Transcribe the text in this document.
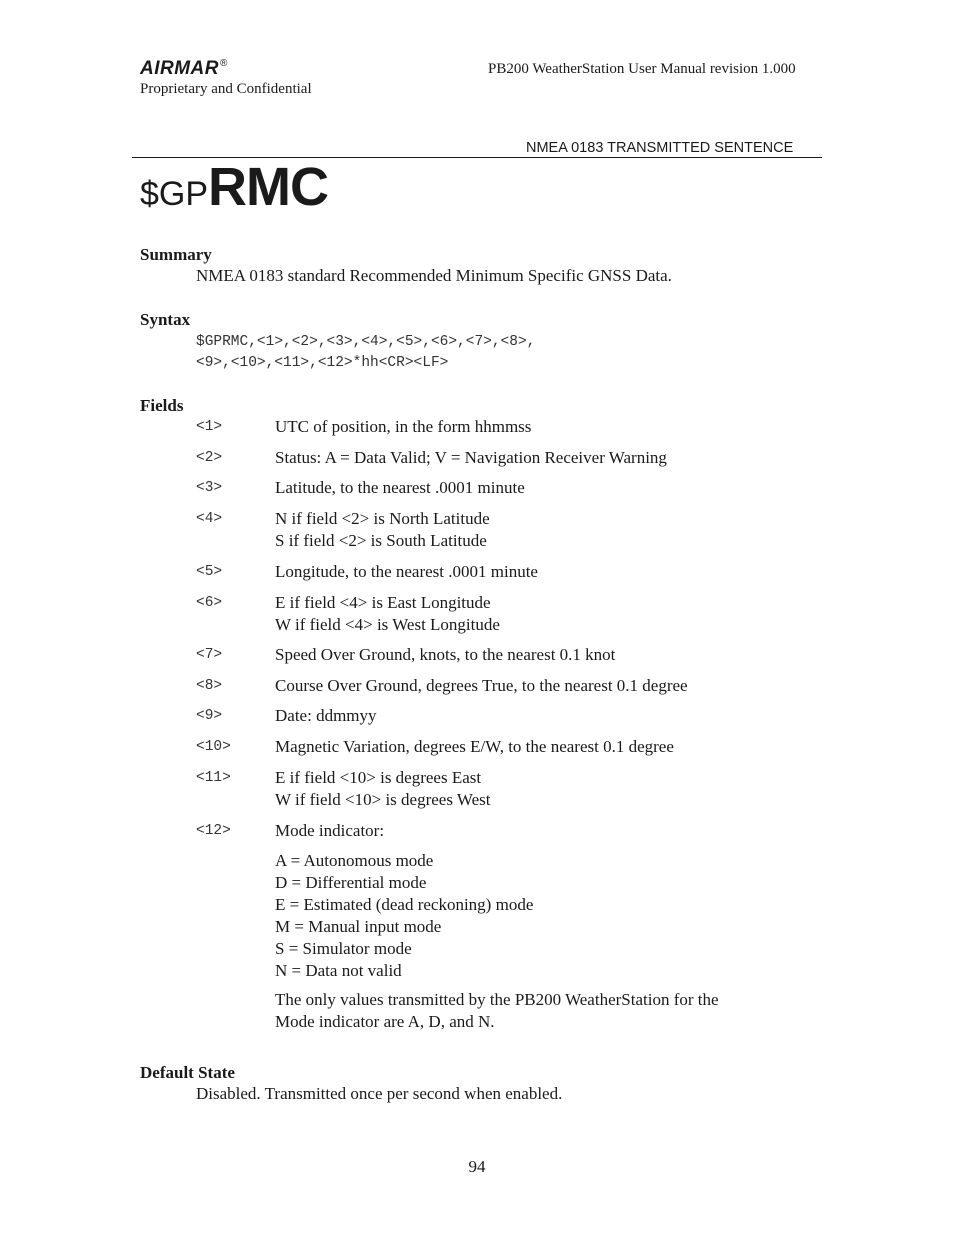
AIRMAR®
Proprietary and Confidential
PB200 WeatherStation User Manual revision 1.000
NMEA 0183 TRANSMITTED SENTENCE
$GPRMC
Summary
NMEA 0183 standard Recommended Minimum Specific GNSS Data.
Syntax
$GPRMC,<1>,<2>,<3>,<4>,<5>,<6>,<7>,<8>,
<9>,<10>,<11>,<12>*hh<CR><LF>
Fields
<1>	UTC of position, in the form hhmmss
<2>	Status: A = Data Valid; V = Navigation Receiver Warning
<3>	Latitude, to the nearest .0001 minute
<4>	N if field <2> is North Latitude
S if field <2> is South Latitude
<5>	Longitude, to the nearest .0001 minute
<6>	E if field <4> is East Longitude
W if field <4> is West Longitude
<7>	Speed Over Ground, knots, to the nearest 0.1 knot
<8>	Course Over Ground, degrees True, to the nearest 0.1 degree
<9>	Date: ddmmyy
<10>	Magnetic Variation, degrees E/W, to the nearest 0.1 degree
<11>	E if field <10> is degrees East
W if field <10> is degrees West
<12>	Mode indicator:
A = Autonomous mode
D = Differential mode
E = Estimated (dead reckoning) mode
M = Manual input mode
S = Simulator mode
N = Data not valid
The only values transmitted by the PB200 WeatherStation for the
Mode indicator are A, D, and N.
Default State
Disabled. Transmitted once per second when enabled.
94
